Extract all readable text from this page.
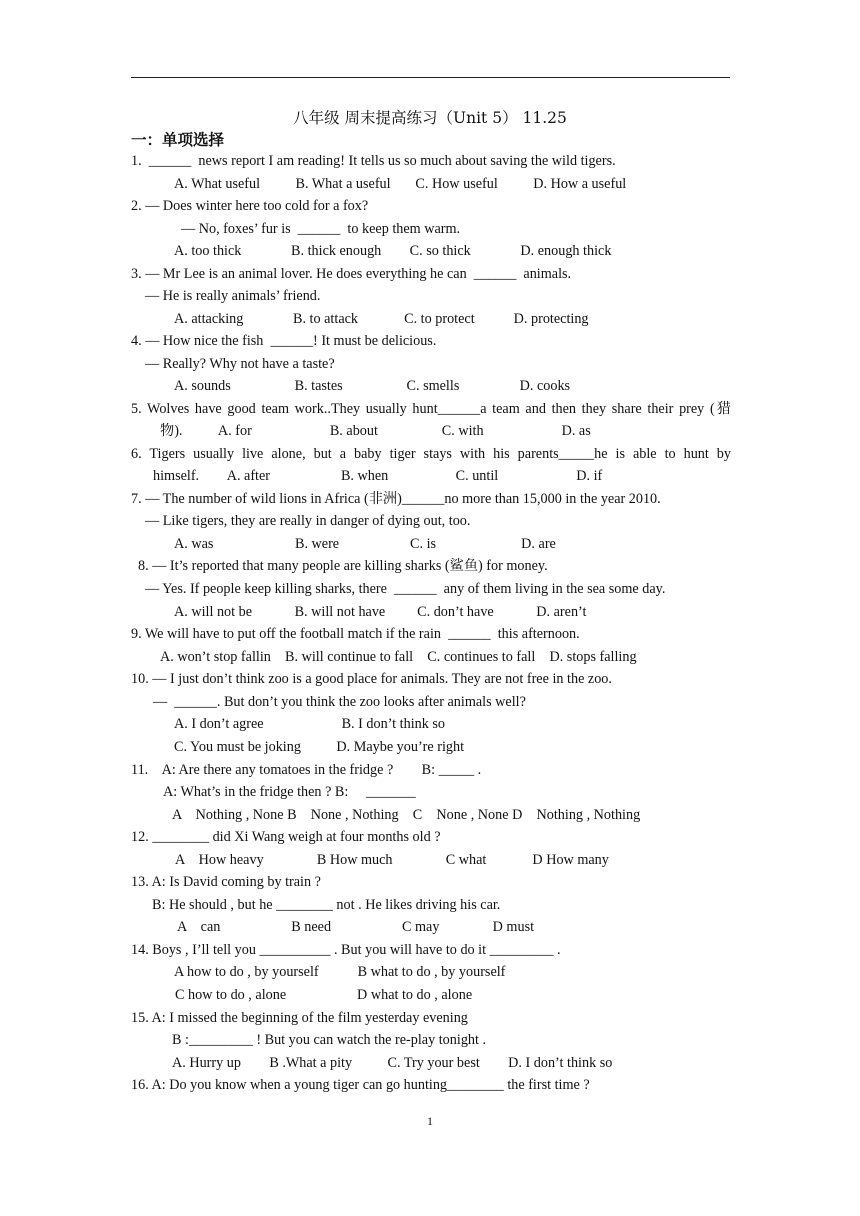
八年级 周末提高练习（Unit 5） 11.25
一：单项选择
1.  ______  news report I am reading! It tells us so much about saving the wild tigers.
A. What useful          B. What a useful       C. How useful          D. How a useful
2. — Does winter here too cold for a fox?
— No, foxes’ fur is  ______  to keep them warm.
A. too thick              B. thick enough        C. so thick              D. enough thick
3. — Mr Lee is an animal lover. He does everything he can  ______  animals.
— He is really animals’ friend.
A. attacking              B. to attack             C. to protect           D. protecting
4. — How nice the fish  ______! It must be delicious.
— Really? Why not have a taste?
A. sounds                  B. tastes                  C. smells                 D. cooks
5. Wolves have good team work..They usually hunt______a team and then they share their prey (猎
物).          A. for                      B. about                  C. with                      D. as
6. Tigers usually live alone, but a baby tiger stays with his parents_____he is able to hunt by
himself.        A. after                    B. when                   C. until                      D. if
7. — The number of wild lions in Africa (非洲)______no more than 15,000 in the year 2010.
— Like tigers, they are really in danger of dying out, too.
A. was                       B. were                    C. is                        D. are
8. — It’s reported that many people are killing sharks (鲨鱼) for money.
— Yes. If people keep killing sharks, there  ______  any of them living in the sea some day.
A. will not be            B. will not have         C. don’t have            D. aren’t
9. We will have to put off the football match if the rain  ______  this afternoon.
A. won’t stop fallin    B. will continue to fall    C. continues to fall    D. stops falling
10. — I just don’t think zoo is a good place for animals. They are not free in the zoo.
—  ______. But don’t you think the zoo looks after animals well?
A. I don’t agree                      B. I don’t think so
C. You must be joking          D. Maybe you’re right
11.    A: Are there any tomatoes in the fridge ?        B: _____ .
A: What’s in the fridge then ? B:     _______
A    Nothing , None B    None , Nothing    C    None , None D    Nothing , Nothing
12. ________ did Xi Wang weigh at four months old ?
A    How heavy               B How much               C what             D How many
13. A: Is David coming by train ?
B: He should , but he ________ not . He likes driving his car.
A    can                    B need                    C may               D must
14. Boys , I’ll tell you __________ . But you will have to do it _________ .
A how to do , by yourself           B what to do , by yourself
C how to do , alone                    D what to do , alone
15. A: I missed the beginning of the film yesterday evening
B :_________ ! But you can watch the re-play tonight .
A. Hurry up        B .What a pity          C. Try your best        D. I don’t think so
16. A: Do you know when a young tiger can go hunting________ the first time ?
1
